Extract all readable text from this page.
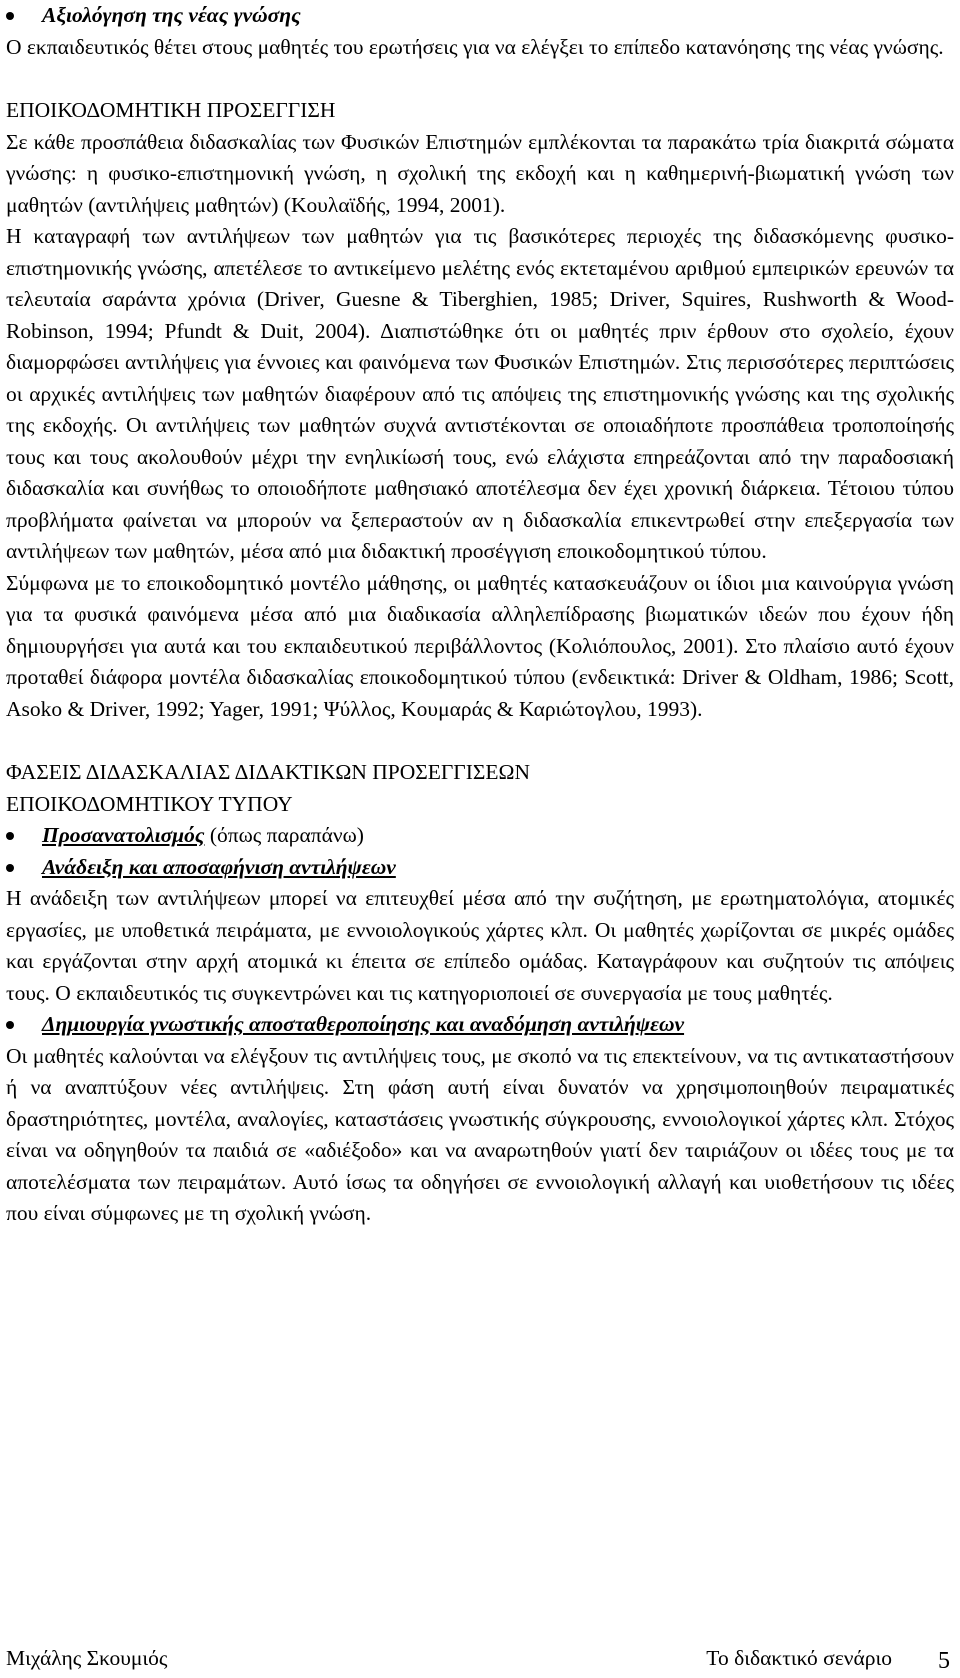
Αξιολόγηση της νέας γνώσης

Ο εκπαιδευτικός θέτει στους μαθητές του ερωτήσεις για να ελέγξει το επίπεδο κατανόησης της νέας γνώσης.

ΕΠΟΙΚΟΔΟΜΗΤΙΚΗ ΠΡΟΣΕΓΓΙΣΗ

Σε κάθε προσπάθεια διδασκαλίας των Φυσικών Επιστημών εμπλέκονται τα παρακάτω τρία διακριτά σώματα γνώσης: η φυσικο-επιστημονική γνώση, η σχολική της εκδοχή και η καθημερινή-βιωματική γνώση των μαθητών (αντιλήψεις μαθητών) (Κουλαϊδής, 1994, 2001).

Η καταγραφή των αντιλήψεων των μαθητών για τις βασικότερες περιοχές της διδασκόμενης φυσικο-επιστημονικής γνώσης, απετέλεσε το αντικείμενο μελέτης ενός εκτεταμένου αριθμού εμπειρικών ερευνών τα τελευταία σαράντα χρόνια (Driver, Guesne & Tiberghien, 1985; Driver, Squires, Rushworth & Wood-Robinson, 1994; Pfundt & Duit, 2004). Διαπιστώθηκε ότι οι μαθητές πριν έρθουν στο σχολείο, έχουν διαμορφώσει αντιλήψεις για έννοιες και φαινόμενα των Φυσικών Επιστημών. Στις περισσότερες περιπτώσεις οι αρχικές αντιλήψεις των μαθητών διαφέρουν από τις απόψεις της επιστημονικής γνώσης και της σχολικής της εκδοχής. Οι αντιλήψεις των μαθητών συχνά αντιστέκονται σε οποιαδήποτε προσπάθεια τροποποίησής τους και τους ακολουθούν μέχρι την ενηλικίωσή τους, ενώ ελάχιστα επηρεάζονται από την παραδοσιακή διδασκαλία και συνήθως το οποιοδήποτε μαθησιακό αποτέλεσμα δεν έχει χρονική διάρκεια. Τέτοιου τύπου προβλήματα φαίνεται να μπορούν να ξεπεραστούν αν η διδασκαλία επικεντρωθεί στην επεξεργασία των αντιλήψεων των μαθητών, μέσα από μια διδακτική προσέγγιση εποικοδομητικού τύπου.

Σύμφωνα με το εποικοδομητικό μοντέλο μάθησης, οι μαθητές κατασκευάζουν οι ίδιοι μια καινούργια γνώση για τα φυσικά φαινόμενα μέσα από μια διαδικασία αλληλεπίδρασης βιωματικών ιδεών που έχουν ήδη δημιουργήσει για αυτά και του εκπαιδευτικού περιβάλλοντος (Κολιόπουλος, 2001). Στο πλαίσιο αυτό έχουν προταθεί διάφορα μοντέλα διδασκαλίας εποικοδομητικού τύπου (ενδεικτικά: Driver & Oldham, 1986; Scott, Asoko & Driver, 1992; Yager, 1991; Ψύλλος, Κουμαράς & Καριώτογλου, 1993).

ΦΑΣΕΙΣ ΔΙΔΑΣΚΑΛΙΑΣ ΔΙΔΑΚΤΙΚΩΝ ΠΡΟΣΕΓΓΙΣΕΩΝ
ΕΠΟΙΚΟΔΟΜΗΤΙΚΟΥ ΤΥΠΟΥ

Προσανατολισμός (όπως παραπάνω)
Ανάδειξη και αποσαφήνιση αντιλήψεων

Η ανάδειξη των αντιλήψεων μπορεί να επιτευχθεί μέσα από την συζήτηση, με ερωτηματολόγια, ατομικές εργασίες, με υποθετικά πειράματα, με εννοιολογικούς χάρτες κλπ. Οι μαθητές χωρίζονται σε μικρές ομάδες και εργάζονται στην αρχή ατομικά κι έπειτα σε επίπεδο ομάδας. Καταγράφουν και συζητούν τις απόψεις τους. Ο εκπαιδευτικός τις συγκεντρώνει και τις κατηγοριοποιεί σε συνεργασία με τους μαθητές.

Δημιουργία γνωστικής αποσταθεροποίησης και αναδόμηση αντιλήψεων

Οι μαθητές καλούνται να ελέγξουν τις αντιλήψεις τους, με σκοπό να τις επεκτείνουν, να τις αντικαταστήσουν ή να αναπτύξουν νέες αντιλήψεις. Στη φάση αυτή είναι δυνατόν να χρησιμοποιηθούν πειραματικές δραστηριότητες, μοντέλα, αναλογίες, καταστάσεις γνωστικής σύγκρουσης, εννοιολογικοί χάρτες κλπ. Στόχος είναι να οδηγηθούν τα παιδιά σε «αδιέξοδο» και να αναρωτηθούν γιατί δεν ταιριάζουν οι ιδέες τους με τα αποτελέσματα των πειραμάτων. Αυτό ίσως τα οδηγήσει σε εννοιολογική αλλαγή και υιοθετήσουν τις ιδέες που είναι σύμφωνες με τη σχολική γνώση.

Μιχάλης Σκουμιός	Το διδακτικό σενάριο 5
